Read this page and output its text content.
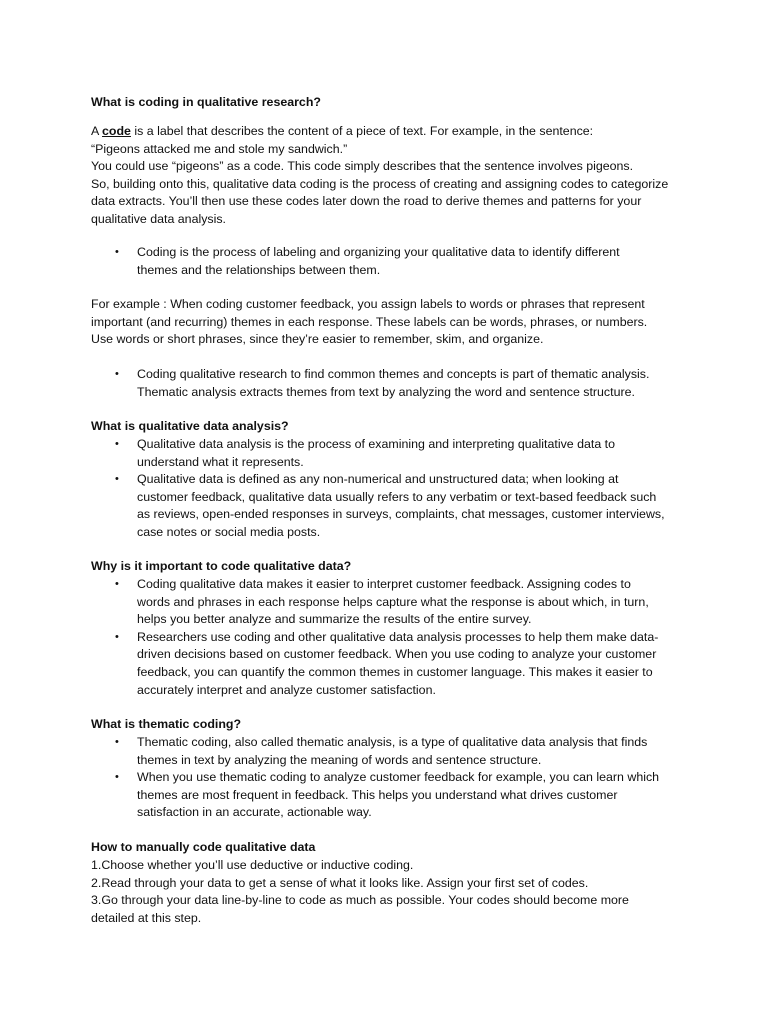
What is coding in qualitative research?
A code is a label that describes the content of a piece of text. For example, in the sentence:
“Pigeons attacked me and stole my sandwich.”
You could use “pigeons” as a code. This code simply describes that the sentence involves pigeons.
So, building onto this, qualitative data coding is the process of creating and assigning codes to categorize
data extracts. You’ll then use these codes later down the road to derive themes and patterns for your
qualitative data analysis.
• Coding is the process of labeling and organizing your qualitative data to identify different
themes and the relationships between them.
For example : When coding customer feedback, you assign labels to words or phrases that represent
important (and recurring) themes in each response. These labels can be words, phrases, or numbers.
Use words or short phrases, since they’re easier to remember, skim, and organize.
• Coding qualitative research to find common themes and concepts is part of thematic analysis.
Thematic analysis extracts themes from text by analyzing the word and sentence structure.
What is qualitative data analysis?
• Qualitative data analysis is the process of examining and interpreting qualitative data to
understand what it represents.
• Qualitative data is defined as any non-numerical and unstructured data; when looking at
customer feedback, qualitative data usually refers to any verbatim or text-based feedback such
as reviews, open-ended responses in surveys, complaints, chat messages, customer interviews,
case notes or social media posts.
Why is it important to code qualitative data?
• Coding qualitative data makes it easier to interpret customer feedback. Assigning codes to
words and phrases in each response helps capture what the response is about which, in turn,
helps you better analyze and summarize the results of the entire survey.
• Researchers use coding and other qualitative data analysis processes to help them make data-
driven decisions based on customer feedback. When you use coding to analyze your customer
feedback, you can quantify the common themes in customer language. This makes it easier to
accurately interpret and analyze customer satisfaction.
What is thematic coding?
• Thematic coding, also called thematic analysis, is a type of qualitative data analysis that finds
themes in text by analyzing the meaning of words and sentence structure.
• When you use thematic coding to analyze customer feedback for example, you can learn which
themes are most frequent in feedback. This helps you understand what drives customer
satisfaction in an accurate, actionable way.
How to manually code qualitative data
1.Choose whether you’ll use deductive or inductive coding.
2.Read through your data to get a sense of what it looks like. Assign your first set of codes.
3.Go through your data line-by-line to code as much as possible. Your codes should become more
detailed at this step.
